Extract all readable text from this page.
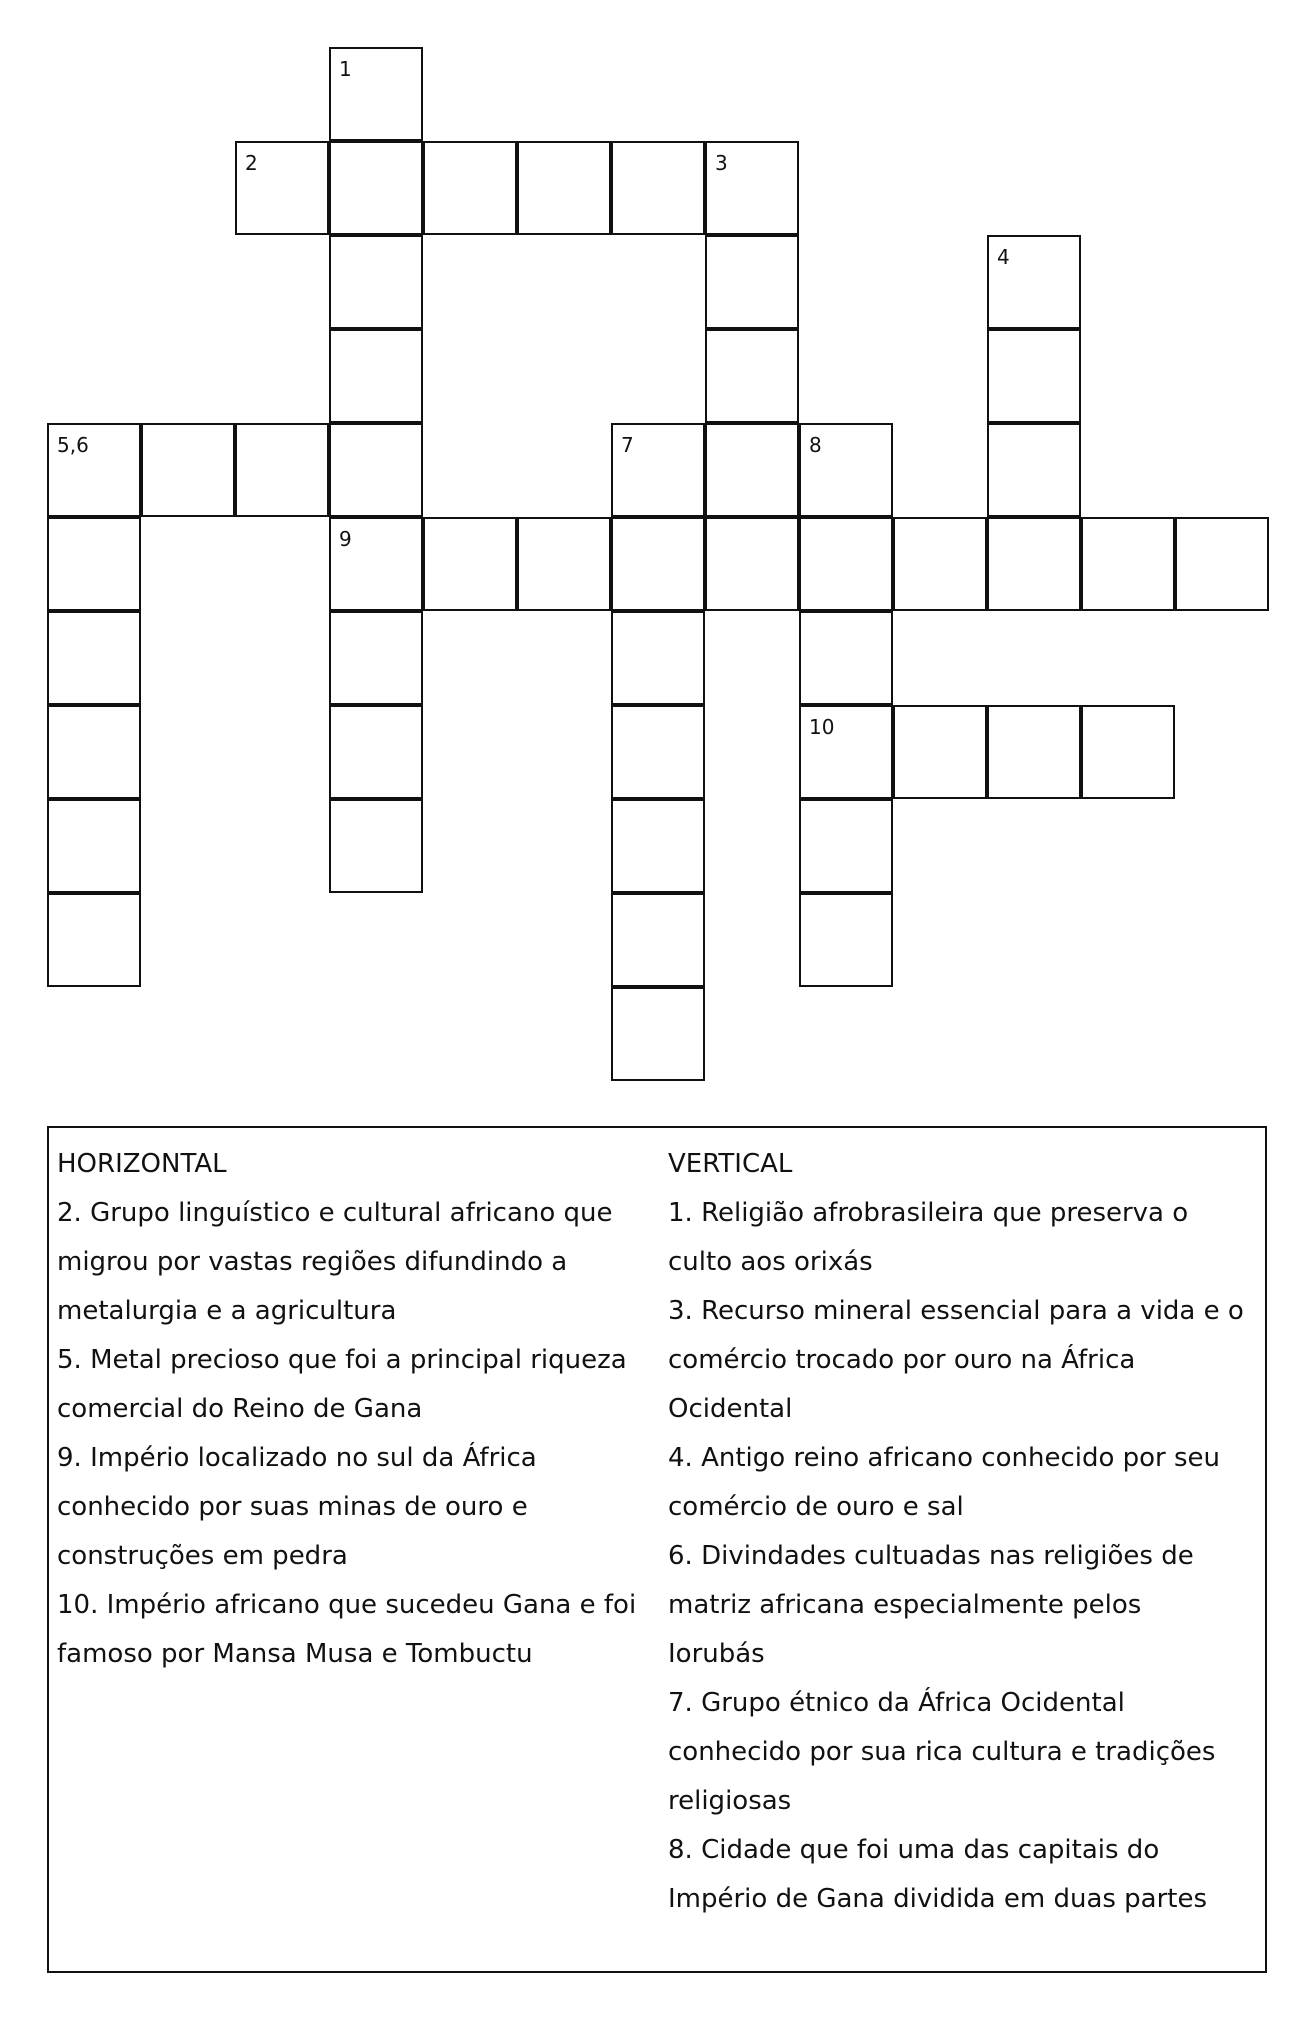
1
2	3
4
5,6	7	8
9
10

HORIZONTAL

2. Grupo linguístico e cultural africano que

migrou por vastas regiões difundindo a

metalurgia e a agricultura

5. Metal precioso que foi a principal riqueza

comercial do Reino de Gana

9. Império localizado no sul da África

conhecido por suas minas de ouro e

construções em pedra

10. Império africano que sucedeu Gana e foi

famoso por Mansa Musa e Tombuctu

VERTICAL

1. Religião afrobrasileira que preserva o

culto aos orixás

3. Recurso mineral essencial para a vida e o

comércio trocado por ouro na África

Ocidental

4. Antigo reino africano conhecido por seu

comércio de ouro e sal

6. Divindades cultuadas nas religiões de

matriz africana especialmente pelos

Iorubás

7. Grupo étnico da África Ocidental

conhecido por sua rica cultura e tradições

religiosas

8. Cidade que foi uma das capitais do

Império de Gana dividida em duas partes
